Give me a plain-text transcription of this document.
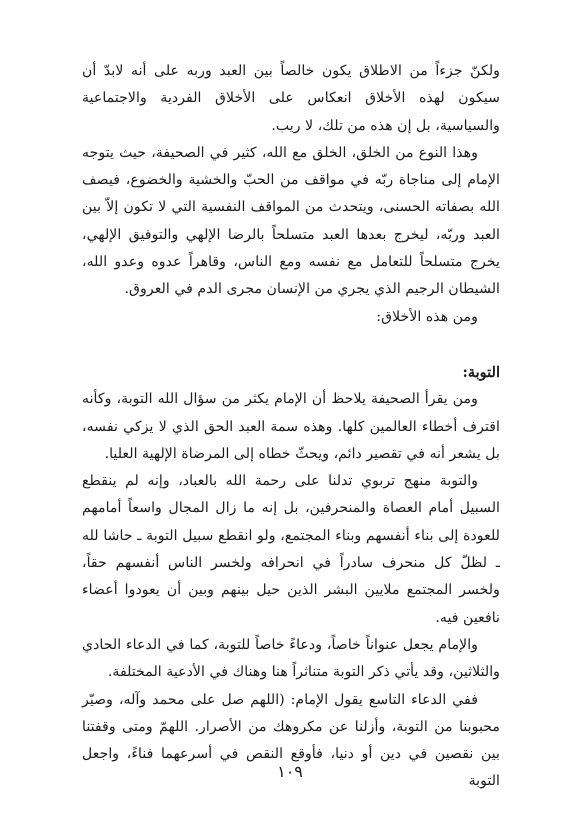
ولكنّ جزءاً من الاطلاق يكون خالصاً بين العبد وربه على أنه لابدّ أن سيكون لهذه الأخلاق انعكاس على الأخلاق الفردية والاجتماعية والسياسية، بل إن هذه من تلك، لا ريب.

وهذا النوع من الخلق، الخلق مع الله، كثير في الصحيفة، حيث يتوجه الإمام إلى مناجاة ربّه في مواقف من الحبّ والخشية والخضوع، فيصف الله بصفاته الحسنى، ويتحدث من المواقف النفسية التي لا تكون إلاّ بين العبد وربّه، ليخرج بعدها العبد متسلحاً بالرضا الإلهي والتوفيق الإلهي، يخرج متسلحاً للتعامل مع نفسه ومع الناس، وقاهراً عدوه وعدو الله، الشيطان الرجيم الذي يجري من الإنسان مجرى الدم في العروق.

ومن هذه الأخلاق:

التوبة:

ومن يقرأ الصحيفة يلاحظ أن الإمام يكثر من سؤال الله التوبة، وكأنه اقترف أخطاء العالمين كلها. وهذه سمة العبد الحق الذي لا يزكي نفسه، بل يشعر أنه في تقصير دائم، ويحثّ خطاه إلى المرضاة الإلهية العليا.

والتوبة منهج تربوي تدلنا على رحمة الله بالعباد، وإنه لم ينقطع السبيل أمام العصاة والمنحرفين، بل إنه ما زال المجال واسعاً أمامهم للعودة إلى بناء أنفسهم وبناء المجتمع، ولو انقطع سبيل التوبة ـ حاشا لله ـ لظلّ كل منحرف سادراً في انحرافه ولخسر الناس أنفسهم حقاً، ولخسر المجتمع ملايين البشر الذين حيل بينهم وبين أن يعودوا أعضاء نافعين فيه.

والإمام يجعل عنواناً خاصاً، ودعاءً خاصاً للتوبة، كما في الدعاء الحادي والثلاثين، وقد يأتي ذكر التوبة متناثراً هنا وهناك في الأدعية المختلفة.

ففي الدعاء التاسع يقول الإمام: (اللهم صل على محمد وآله، وصيّر محبوبنا من التوبة، وأزلنا عن مكروهك من الأصرار. اللهمّ ومتى وقفتنا بين نقصين في دين أو دنيا، فأوقع النقص في أسرعهما فناءً، واجعل التوبة

١٠٩
